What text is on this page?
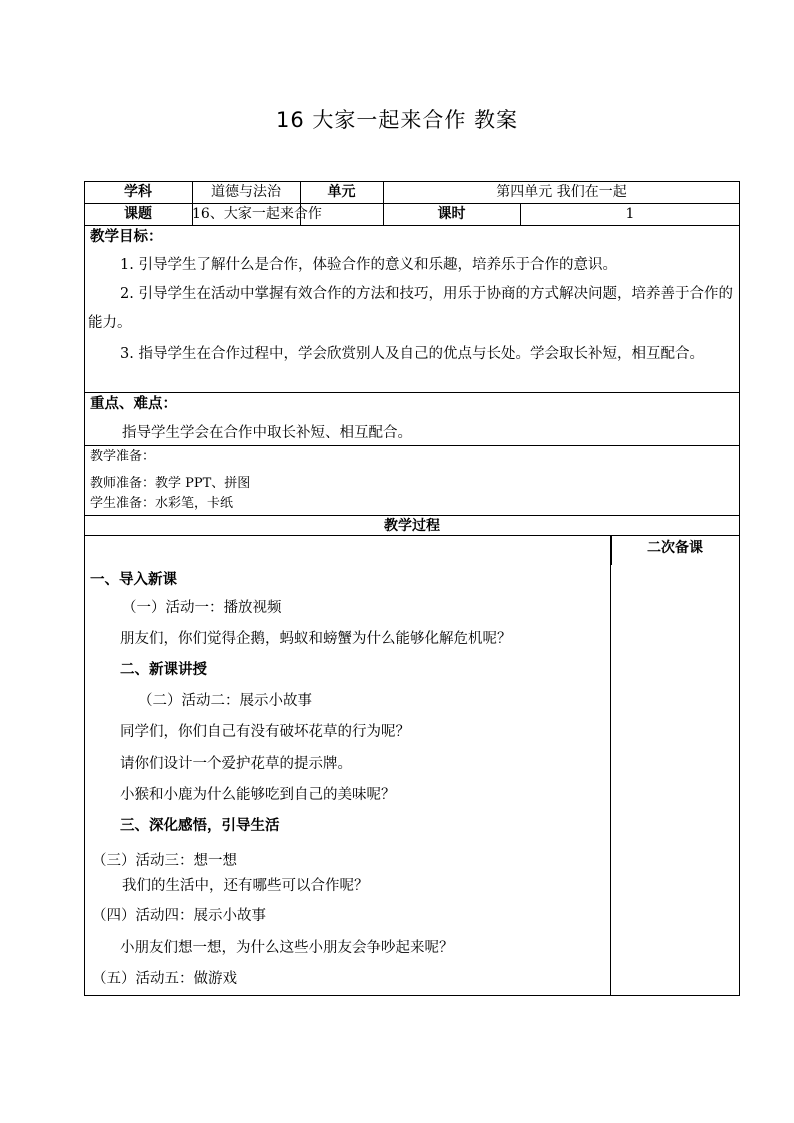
16 大家一起来合作 教案
学科	道德与法治	单元	第四单元 我们在一起
课题	16、大家一起来合作	课时	1
教学目标：
1. 引导学生了解什么是合作，体验合作的意义和乐趣，培养乐于合作的意识。
2. 引导学生在活动中掌握有效合作的方法和技巧，用乐于协商的方式解决问题，培养善于合作的能力。
3. 指导学生在合作过程中，学会欣赏别人及自己的优点与长处。学会取长补短，相互配合。
重点、难点：
指导学生学会在合作中取长补短、相互配合。
教学准备：
教师准备：教学 PPT、拼图
学生准备：水彩笔，卡纸
教学过程
二次备课
一、导入新课
（一）活动一：播放视频
朋友们，你们觉得企鹅，蚂蚁和螃蟹为什么能够化解危机呢？
二、新课讲授
（二）活动二：展示小故事
同学们，你们自己有没有破坏花草的行为呢？
请你们设计一个爱护花草的提示牌。
小猴和小鹿为什么能够吃到自己的美味呢？
三、深化感悟，引导生活
（三）活动三：想一想
我们的生活中，还有哪些可以合作呢？
（四）活动四：展示小故事
小朋友们想一想，为什么这些小朋友会争吵起来呢？
（五）活动五：做游戏
